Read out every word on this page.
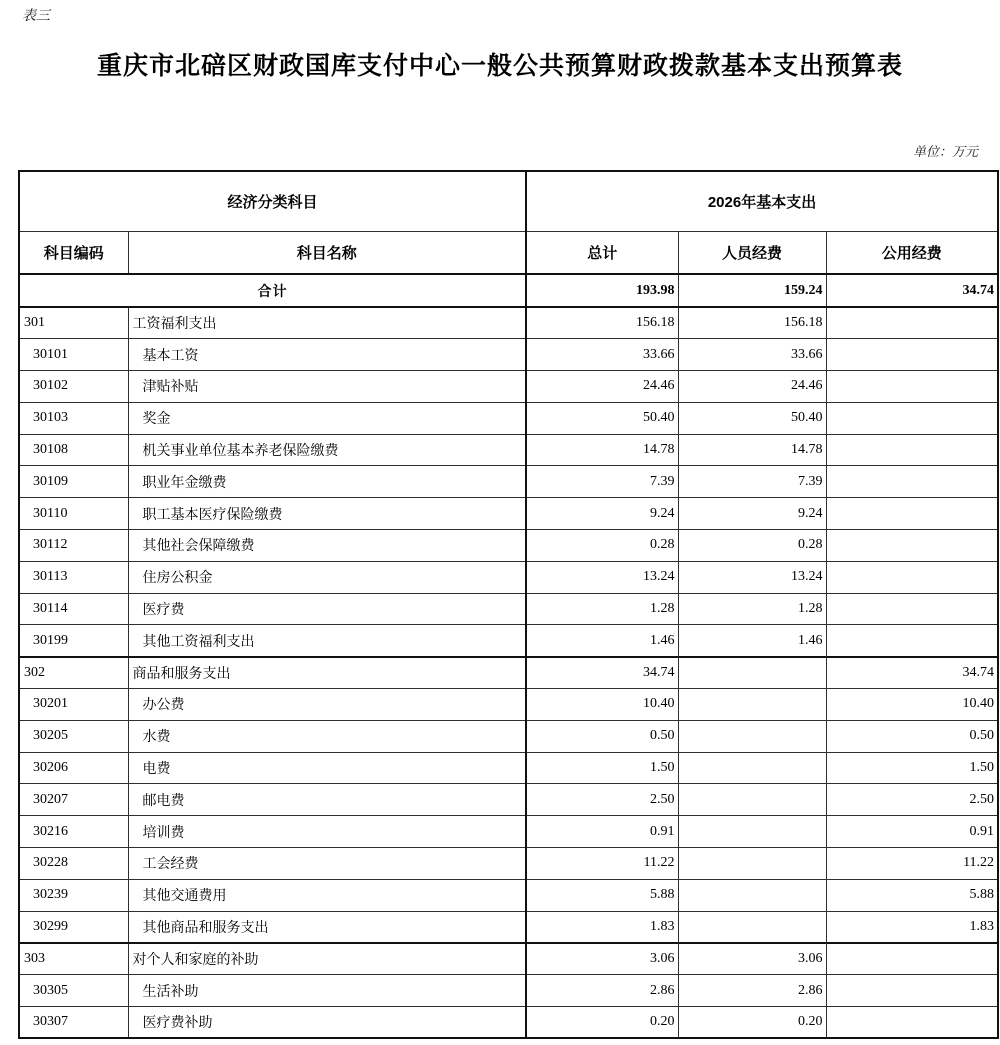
表三
重庆市北碚区财政国库支付中心一般公共预算财政拨款基本支出预算表
单位：万元
经济分类科目		2026年基本支出		
科目编码	科目名称	总计	人员经费	公用经费
合计		193.98	159.24	34.74
301	工资福利支出	156.18	156.18	
30101	基本工资	33.66	33.66	
30102	津贴补贴	24.46	24.46	
30103	奖金	50.40	50.40	
30108	机关事业单位基本养老保险缴费	14.78	14.78	
30109	职业年金缴费	7.39	7.39	
30110	职工基本医疗保险缴费	9.24	9.24	
30112	其他社会保障缴费	0.28	0.28	
30113	住房公积金	13.24	13.24	
30114	医疗费	1.28	1.28	
30199	其他工资福利支出	1.46	1.46	
302	商品和服务支出	34.74		34.74
30201	办公费	10.40		10.40
30205	水费	0.50		0.50
30206	电费	1.50		1.50
30207	邮电费	2.50		2.50
30216	培训费	0.91		0.91
30228	工会经费	11.22		11.22
30239	其他交通费用	5.88		5.88
30299	其他商品和服务支出	1.83		1.83
303	对个人和家庭的补助	3.06	3.06	
30305	生活补助	2.86	2.86	
30307	医疗费补助	0.20	0.20	
